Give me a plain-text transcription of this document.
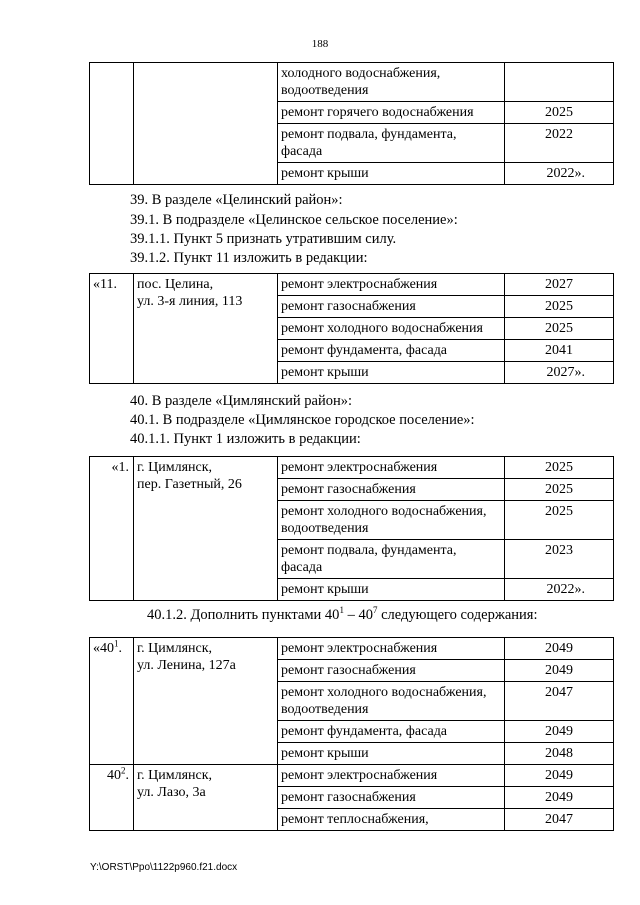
188
		холодного водоснабжения, водоотведения	
		ремонт горячего водоснабжения	2025
		ремонт подвала, фундамента, фасада	2022
		ремонт крыши	2022».

39. В разделе «Целинский район»:

39.1. В подразделе «Целинское сельское поселение»:

39.1.1. Пункт 5 признать утратившим силу.

39.1.2. Пункт 11 изложить в редакции:

«11.	пос. Целина,
ул. 3-я линия, 113	ремонт электроснабжения	2027
		ремонт газоснабжения	2025
		ремонт холодного водоснабжения	2025
		ремонт фундамента, фасада	2041
		ремонт крыши	2027».

40. В разделе «Цимлянский район»:

40.1. В подразделе «Цимлянское городское поселение»:

40.1.1. Пункт 1 изложить в редакции:

«1.	г. Цимлянск,
пер. Газетный, 26	ремонт электроснабжения	2025
		ремонт газоснабжения	2025
		ремонт холодного водоснабжения, водоотведения	2025
		ремонт подвала, фундамента, фасада	2023
		ремонт крыши	2022».

40.1.2. Дополнить пунктами $40^1 - 40^7$ следующего содержания:

«$40^1$.	г. Цимлянск,
ул. Ленина, 127а	ремонт электроснабжения	2049
		ремонт газоснабжения	2049
		ремонт холодного водоснабжения, водоотведения	2047
		ремонт фундамента, фасада	2049
		ремонт крыши	2048
$40^2$.	г. Цимлянск,
ул. Лазо, 3а	ремонт электроснабжения	2049
		ремонт газоснабжения	2049
		ремонт теплоснабжения,	2047
Y:\ORST\Ppo\1122p960.f21.docx
